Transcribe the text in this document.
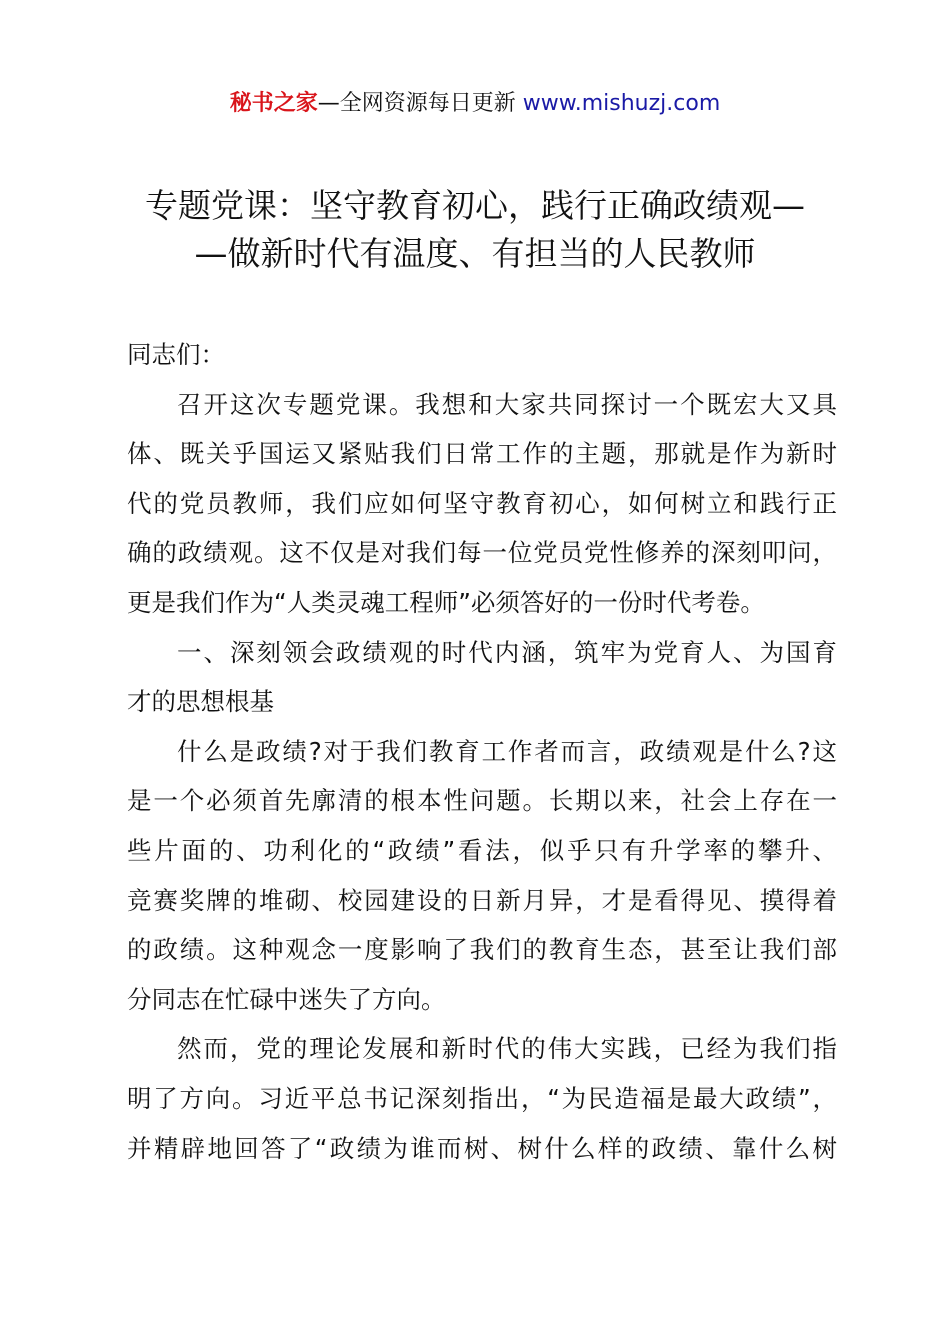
秘书之家—全网资源每日更新 www.mishuzj.com
专题党课：坚守教育初心，践行正确政绩观—
—做新时代有温度、有担当的人民教师
同志们：
召开这次专题党课。我想和大家共同探讨一个既宏大又具
体、既关乎国运又紧贴我们日常工作的主题，那就是作为新时
代的党员教师，我们应如何坚守教育初心，如何树立和践行正
确的政绩观。这不仅是对我们每一位党员党性修养的深刻叩问，
更是我们作为“人类灵魂工程师”必须答好的一份时代考卷。
一、深刻领会政绩观的时代内涵，筑牢为党育人、为国育
才的思想根基
什么是政绩?对于我们教育工作者而言，政绩观是什么?这
是一个必须首先廓清的根本性问题。长期以来，社会上存在一
些片面的、功利化的“政绩”看法，似乎只有升学率的攀升、
竞赛奖牌的堆砌、校园建设的日新月异，才是看得见、摸得着
的政绩。这种观念一度影响了我们的教育生态，甚至让我们部
分同志在忙碌中迷失了方向。
然而，党的理论发展和新时代的伟大实践，已经为我们指
明了方向。习近平总书记深刻指出，“为民造福是最大政绩”，
并精辟地回答了“政绩为谁而树、树什么样的政绩、靠什么树
